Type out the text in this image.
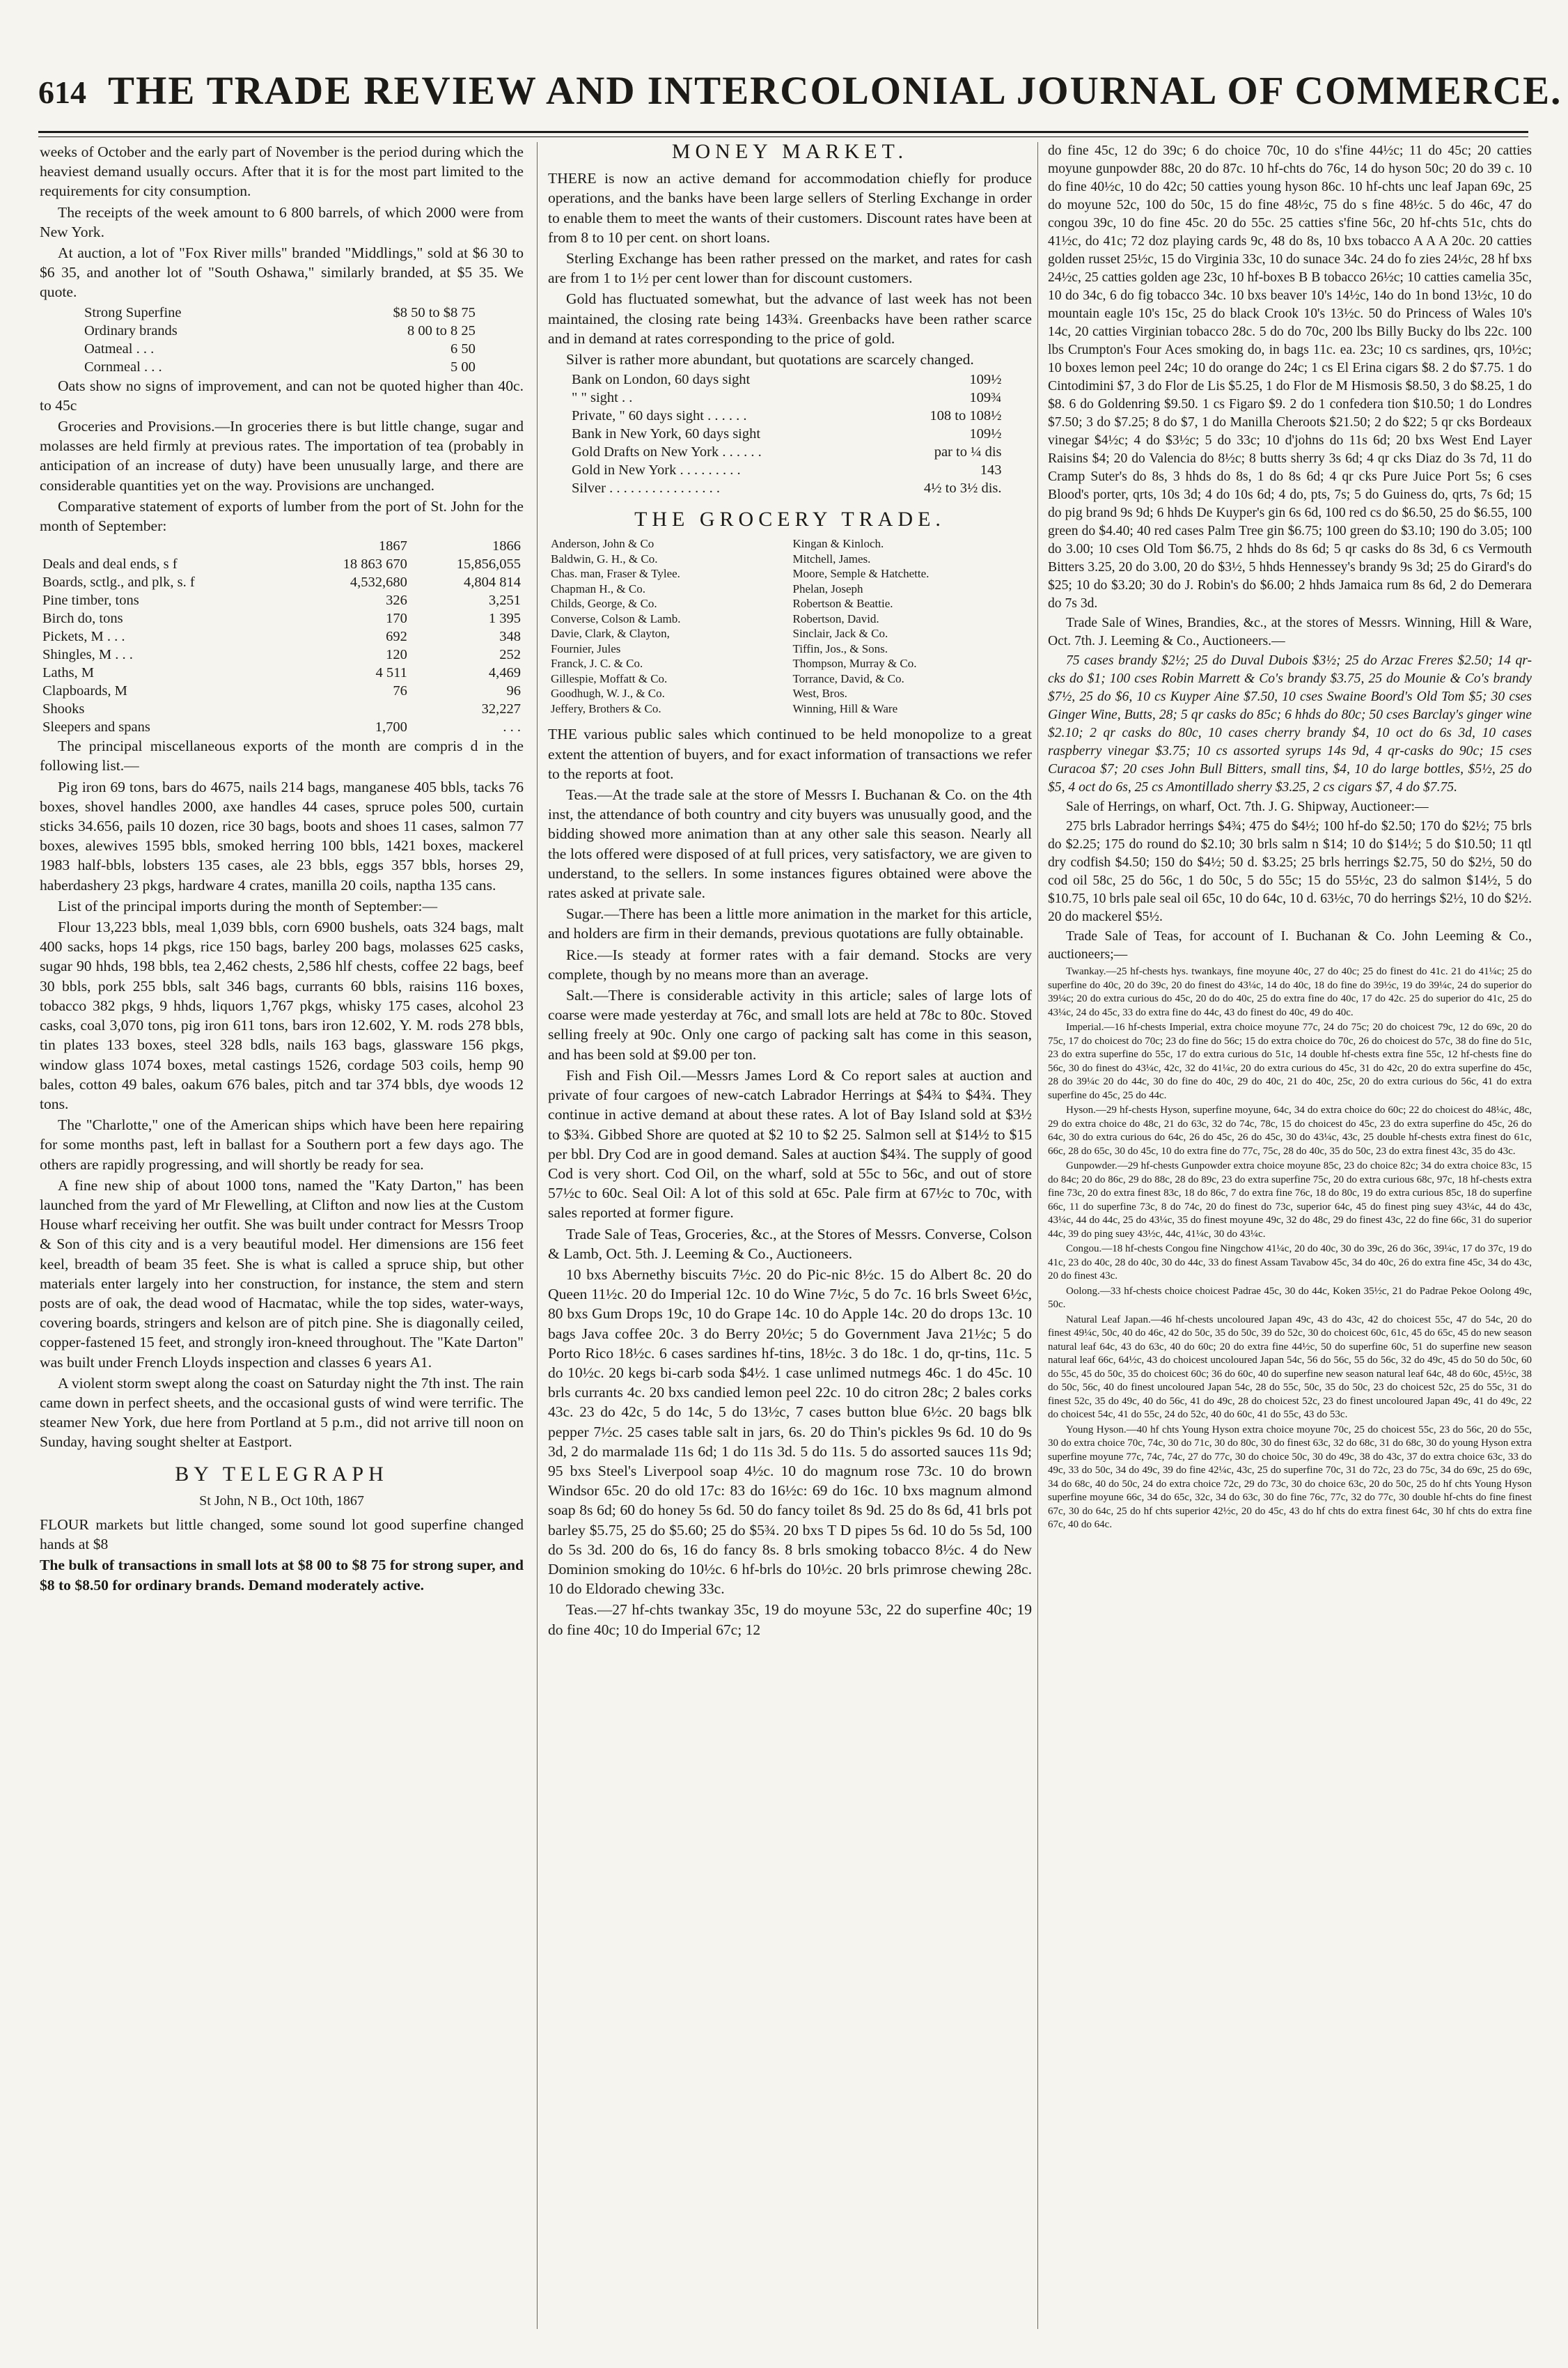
614 THE TRADE REVIEW AND INTERCOLONIAL JOURNAL OF COMMERCE.

weeks of October and the early part of November is the period during which the heaviest demand usually occurs. After that it is for the most part limited to the requirements for city consumption.

The receipts of the week amount to 6 800 barrels, of which 2000 were from New York.

At auction, a lot of "Fox River mills" branded "Middlings," sold at $6 30 to $6 35, and another lot of "South Oshawa," similarly branded, at $5 35. We quote.

Strong Superfine	$8 50 to $8 75
Ordinary brands	8 00 to 8 25
Oatmeal . . .	6 50
Cornmeal . . .	5 00

Oats show no signs of improvement, and can not be quoted higher than 40c. to 45c

Groceries and Provisions.—In groceries there is but little change, sugar and molasses are held firmly at previous rates. The importation of tea (probably in anticipation of an increase of duty) have been unusually large, and there are considerable quantities yet on the way. Provisions are unchanged.

Comparative statement of exports of lumber from the port of St. John for the month of September:

	1867	1866
Deals and deal ends, s f	18 863 670	15,856,055
Boards, sctlg., and plk, s. f	4,532,680	4,804 814
Pine timber, tons	326	3,251
Birch do, tons	170	1 395
Pickets, M . . .	692	348
Shingles, M . . .	120	252
Laths, M	4 511	4,469
Clapboards, M	76	96
Shooks		32,227
Sleepers and spans	1,700	. . .

The principal miscellaneous exports of the month are compris d in the following list.—

Pig iron 69 tons, bars do 4675, nails 214 bags, manganese 405 bbls, tacks 76 boxes, shovel handles 2000, axe handles 44 cases, spruce poles 500, curtain sticks 34.656, pails 10 dozen, rice 30 bags, boots and shoes 11 cases, salmon 77 boxes, alewives 1595 bbls, smoked herring 100 bbls, 1421 boxes, mackerel 1983 half-bbls, lobsters 135 cases, ale 23 bbls, eggs 357 bbls, horses 29, haberdashery 23 pkgs, hardware 4 crates, manilla 20 coils, naptha 135 cans.

List of the principal imports during the month of September:—

Flour 13,223 bbls, meal 1,039 bbls, corn 6900 bushels, oats 324 bags, malt 400 sacks, hops 14 pkgs, rice 150 bags, barley 200 bags, molasses 625 casks, sugar 90 hhds, 198 bbls, tea 2,462 chests, 2,586 hlf chests, coffee 22 bags, beef 30 bbls, pork 255 bbls, salt 346 bags, currants 60 bbls, raisins 116 boxes, tobacco 382 pkgs, 9 hhds, liquors 1,767 pkgs, whisky 175 cases, alcohol 23 casks, coal 3,070 tons, pig iron 611 tons, bars iron 12.602, Y. M. rods 278 bbls, tin plates 133 boxes, steel 328 bdls, nails 163 bags, glassware 156 pkgs, window glass 1074 boxes, metal castings 1526, cordage 503 coils, hemp 90 bales, cotton 49 bales, oakum 676 bales, pitch and tar 374 bbls, dye woods 12 tons.

The "Charlotte," one of the American ships which have been here repairing for some months past, left in ballast for a Southern port a few days ago. The others are rapidly progressing, and will shortly be ready for sea.

A fine new ship of about 1000 tons, named the "Katy Darton," has been launched from the yard of Mr Flewelling, at Clifton and now lies at the Custom House wharf receiving her outfit. She was built under contract for Messrs Troop & Son of this city and is a very beautiful model. Her dimensions are 156 feet keel, breadth of beam 35 feet. She is what is called a spruce ship, but other materials enter largely into her construction, for instance, the stem and stern posts are of oak, the dead wood of Hacmatac, while the top sides, water-ways, covering boards, stringers and kelson are of pitch pine. She is diagonally ceiled, copper-fastened 15 feet, and strongly iron-kneed throughout. The "Kate Darton" was built under French Lloyds inspection and classes 6 years A1.

A violent storm swept along the coast on Saturday night the 7th inst. The rain came down in perfect sheets, and the occasional gusts of wind were terrific. The steamer New York, due here from Portland at 5 p.m., did not arrive till noon on Sunday, having sought shelter at Eastport.

BY TELEGRAPH
St John, N B., Oct 10th, 1867

FLOUR markets but little changed, some sound lot good superfine changed hands at $8

The bulk of transactions in small lots at $8 00 to $8 75 for strong super, and $8 to $8.50 for ordinary brands. Demand moderately active.

MONEY MARKET.

THERE is now an active demand for accommodation chiefly for produce operations, and the banks have been large sellers of Sterling Exchange in order to enable them to meet the wants of their customers. Discount rates have been at from 8 to 10 per cent. on short loans.

Sterling Exchange has been rather pressed on the market, and rates for cash are from 1 to 1½ per cent lower than for discount customers.

Gold has fluctuated somewhat, but the advance of last week has not been maintained, the closing rate being 143¾. Greenbacks have been rather scarce and in demand at rates corresponding to the price of gold.

Silver is rather more abundant, but quotations are scarcely changed.

Bank on London, 60 days sight	109½
" " sight . .	109¾
Private, " 60 days sight . . . . . .	108 to 108½
Bank in New York, 60 days sight	109½
Gold Drafts on New York . . . . . .	par to ¼ dis
Gold in New York . . . . . . . . .	143
Silver . . . . . . . . . . . . . . . .	4½ to 3½ dis.
THE GROCERY TRADE.
Anderson, John & Co	Kingan & Kinloch.
Baldwin, G. H., & Co.	Mitchell, James.
Chas. man, Fraser & Tylee.	Moore, Semple & Hatchette.
Chapman H., & Co.	Phelan, Joseph
Childs, George, & Co.	Robertson & Beattie.
Converse, Colson & Lamb.	Robertson, David.
Davie, Clark, & Clayton,	Sinclair, Jack & Co.
Fournier, Jules	Tiffin, Jos., & Sons.
Franck, J. C. & Co.	Thompson, Murray & Co.
Gillespie, Moffatt & Co.	Torrance, David, & Co.
Goodhugh, W. J., & Co.	West, Bros.
Jeffery, Brothers & Co.	Winning, Hill & Ware

THE various public sales which continued to be held monopolize to a great extent the attention of buyers, and for exact information of transactions we refer to the reports at foot.

Teas.—At the trade sale at the store of Messrs I. Buchanan & Co. on the 4th inst, the attendance of both country and city buyers was unusually good, and the bidding showed more animation than at any other sale this season. Nearly all the lots offered were disposed of at full prices, very satisfactory, we are given to understand, to the sellers. In some instances figures obtained were above the rates asked at private sale.

Sugar.—There has been a little more animation in the market for this article, and holders are firm in their demands, previous quotations are fully obtainable.

Rice.—Is steady at former rates with a fair demand. Stocks are very complete, though by no means more than an average.

Salt.—There is considerable activity in this article; sales of large lots of coarse were made yesterday at 76c, and small lots are held at 78c to 80c. Stoved selling freely at 90c. Only one cargo of packing salt has come in this season, and has been sold at $9.00 per ton.

Fish and Fish Oil.—Messrs James Lord & Co report sales at auction and private of four cargoes of new-catch Labrador Herrings at $4¾ to $4¾. They continue in active demand at about these rates. A lot of Bay Island sold at $3½ to $3¾. Gibbed Shore are quoted at $2 10 to $2 25. Salmon sell at $14½ to $15 per bbl. Dry Cod are in good demand. Sales at auction $4¾. The supply of good Cod is very short. Cod Oil, on the wharf, sold at 55c to 56c, and out of store 57½c to 60c. Seal Oil: A lot of this sold at 65c. Pale firm at 67½c to 70c, with sales reported at former figure.

Trade Sale of Teas, Groceries, &c., at the Stores of Messrs. Converse, Colson & Lamb, Oct. 5th. J. Leeming & Co., Auctioneers.

10 bxs Abernethy biscuits 7½c. 20 do Pic-nic 8½c. 15 do Albert 8c. 20 do Queen 11½c. 20 do Imperial 12c. 10 do Wine 7½c, 5 do 7c. 16 brls Sweet 6½c, 80 bxs Gum Drops 19c, 10 do Grape 14c. 10 do Apple 14c. 20 do drops 13c. 10 bags Java coffee 20c. 3 do Berry 20½c; 5 do Government Java 21½c; 5 do Porto Rico 18½c. 6 cases sardines hf-tins, 18½c. 3 do 18c. 1 do, qr-tins, 11c. 5 do 10½c. 20 kegs bi-carb soda $4½. 1 case unlimed nutmegs 46c. 1 do 45c. 10 brls currants 4c. 20 bxs candied lemon peel 22c. 10 do citron 28c; 2 bales corks 43c. 23 do 42c, 5 do 14c, 5 do 13½c, 7 cases button blue 6½c. 20 bags blk pepper 7½c. 25 cases table salt in jars, 6s. 20 do Thin's pickles 9s 6d. 10 do 9s 3d, 2 do marmalade 11s 6d; 1 do 11s 3d. 5 do 11s. 5 do assorted sauces 11s 9d; 95 bxs Steel's Liverpool soap 4½c. 10 do magnum rose 73c. 10 do brown Windsor 65c. 20 do old 17c: 83 do 16½c: 69 do 16c. 10 bxs magnum almond soap 8s 6d; 60 do honey 5s 6d. 50 do fancy toilet 8s 9d. 25 do 8s 6d, 41 brls pot barley $5.75, 25 do $5.60; 25 do $5¾. 20 bxs T D pipes 5s 6d. 10 do 5s 5d, 100 do 5s 3d. 200 do 6s, 16 do fancy 8s. 8 brls smoking tobacco 8½c. 4 do New Dominion smoking do 10½c. 6 hf-brls do 10½c. 20 brls primrose chewing 28c. 10 do Eldorado chewing 33c.

Teas.—27 hf-chts twankay 35c, 19 do moyune 53c, 22 do superfine 40c; 19 do fine 40c; 10 do Imperial 67c; 12

do fine 45c, 12 do 39c; 6 do choice 70c, 10 do s'fine 44½c; 11 do 45c; 20 catties moyune gunpowder 88c, 20 do 87c. 10 hf-chts do 76c, 14 do hyson 50c; 20 do 39 c. 10 do fine 40½c, 10 do 42c; 50 catties young hyson 86c. 10 hf-chts unc leaf Japan 69c, 25 do moyune 52c, 100 do 50c, 15 do fine 48½c, 75 do s fine 48½c. 5 do 46c, 47 do congou 39c, 10 do fine 45c. 20 do 55c. 25 catties s'fine 56c, 20 hf-chts 51c, chts do 41½c, do 41c; 72 doz playing cards 9c, 48 do 8s, 10 bxs tobacco A A A 20c. 20 catties golden russet 25½c, 15 do Virginia 33c, 10 do sunace 34c. 24 do fo zies 24½c, 28 hf bxs 24½c, 25 catties golden age 23c, 10 hf-boxes B B tobacco 26½c; 10 catties camelia 35c, 10 do 34c, 6 do fig tobacco 34c. 10 bxs beaver 10's 14½c, 14o do 1n bond 13½c, 10 do mountain eagle 10's 15c, 25 do black Crook 10's 13½c. 50 do Princess of Wales 10's 14c, 20 catties Virginian tobacco 28c. 5 do do 70c, 200 lbs Billy Bucky do lbs 22c. 100 lbs Crumpton's Four Aces smoking do, in bags 11c. ea. 23c; 10 cs sardines, qrs, 10½c; 10 boxes lemon peel 24c; 10 do orange do 24c; 1 cs El Erina cigars $8. 2 do $7.75. 1 do Cintodimini $7, 3 do Flor de Lis $5.25, 1 do Flor de M Hismosis $8.50, 3 do $8.25, 1 do $8. 6 do Goldenring $9.50. 1 cs Figaro $9. 2 do 1 confedera tion $10.50; 1 do Londres $7.50; 3 do $7.25; 8 do $7, 1 do Manilla Cheroots $21.50; 2 do $22; 5 qr cks Bordeaux vinegar $4½c; 4 do $3½c; 5 do 33c; 10 d'johns do 11s 6d; 20 bxs West End Layer Raisins $4; 20 do Valencia do 8½c; 8 butts sherry 3s 6d; 4 qr cks Diaz do 3s 7d, 11 do Cramp Suter's do 8s, 3 hhds do 8s, 1 do 8s 6d; 4 qr cks Pure Juice Port 5s; 6 cses Blood's porter, qrts, 10s 3d; 4 do 10s 6d; 4 do, pts, 7s; 5 do Guiness do, qrts, 7s 6d; 15 do pig brand 9s 9d; 6 hhds De Kuyper's gin 6s 6d, 100 red cs do $6.50, 25 do $6.55, 100 green do $4.40; 40 red cases Palm Tree gin $6.75; 100 green do $3.10; 190 do 3.05; 100 do 3.00; 10 cses Old Tom $6.75, 2 hhds do 8s 6d; 5 qr casks do 8s 3d, 6 cs Vermouth Bitters 3.25, 20 do 3.00, 20 do $3½, 5 hhds Hennessey's brandy 9s 3d; 25 do Girard's do $25; 10 do $3.20; 30 do J. Robin's do $6.00; 2 hhds Jamaica rum 8s 6d, 2 do Demerara do 7s 3d.

Trade Sale of Wines, Brandies, &c., at the stores of Messrs. Winning, Hill & Ware, Oct. 7th. J. Leeming & Co., Auctioneers.—

75 cases brandy $2½; 25 do Duval Dubois $3½; 25 do Arzac Freres $2.50; 14 qr-cks do $1; 100 cses Robin Marrett & Co's brandy $3.75, 25 do Mounie & Co's brandy $7½, 25 do $6, 10 cs Kuyper Aine $7.50, 10 cses Swaine Boord's Old Tom $5; 30 cses Ginger Wine, Butts, 28; 5 qr casks do 85c; 6 hhds do 80c; 50 cses Barclay's ginger wine $2.10; 2 qr casks do 80c, 10 cases cherry brandy $4, 10 oct do 6s 3d, 10 cases raspberry vinegar $3.75; 10 cs assorted syrups 14s 9d, 4 qr-casks do 90c; 15 cses Curacoa $7; 20 cses John Bull Bitters, small tins, $4, 10 do large bottles, $5½, 25 do $5, 4 oct do 6s, 25 cs Amontillado sherry $3.25, 2 cs cigars $7, 4 do $7.75.

Sale of Herrings, on wharf, Oct. 7th. J. G. Shipway, Auctioneer:—

275 brls Labrador herrings $4¾; 475 do $4½; 100 hf-do $2.50; 170 do $2½; 75 brls do $2.25; 175 do round do $2.10; 30 brls salm n $14; 10 do $14½; 5 do $10.50; 11 qtl dry codfish $4.50; 150 do $4½; 50 d. $3.25; 25 brls herrings $2.75, 50 do $2½, 50 do cod oil 58c, 25 do 56c, 1 do 50c, 5 do 55c; 15 do 55½c, 23 do salmon $14½, 5 do $10.75, 10 brls pale seal oil 65c, 10 do 64c, 10 d. 63½c, 70 do herrings $2½, 10 do $2½. 20 do mackerel $5½.

Trade Sale of Teas, for account of I. Buchanan & Co. John Leeming & Co., auctioneers;—

Twankay.—25 hf-chests hys. twankays, fine moyune 40c, 27 do 40c; 25 do finest do 41c. 21 do 41¼c; 25 do superfine do 40c, 20 do 39c, 20 do finest do 43¼c, 14 do 40c, 18 do fine do 39½c, 19 do 39¼c, 24 do superior do 39¼c; 20 do extra curious do 45c, 20 do do 40c, 25 do extra fine do 40c, 17 do 42c. 25 do superior do 41c, 25 do 43¼c, 24 do 45c, 33 do extra fine do 44c, 43 do finest do 40c, 49 do 40c.

Imperial.—16 hf-chests Imperial, extra choice moyune 77c, 24 do 75c; 20 do choicest 79c, 12 do 69c, 20 do 75c, 17 do choicest do 70c; 23 do fine do 56c; 15 do extra choice do 70c, 26 do choicest do 57c, 38 do fine do 51c, 23 do extra superfine do 55c, 17 do extra curious do 51c, 14 double hf-chests extra fine 55c, 12 hf-chests fine do 56c, 30 do finest do 43¼c, 42c, 32 do 41¼c, 20 do extra curious do 45c, 31 do 42c, 20 do extra superfine do 45c, 28 do 39¼c 20 do 44c, 30 do fine do 40c, 29 do 40c, 21 do 40c, 25c, 20 do extra curious do 56c, 41 do extra superfine do 45c, 25 do 44c.

Hyson.—29 hf-chests Hyson, superfine moyune, 64c, 34 do extra choice do 60c; 22 do choicest do 48¼c, 48c, 29 do extra choice do 48c, 21 do 63c, 32 do 74c, 78c, 15 do choicest do 45c, 23 do extra superfine do 45c, 26 do 64c, 30 do extra curious do 64c, 26 do 45c, 26 do 45c, 30 do 43¼c, 43c, 25 double hf-chests extra finest do 61c, 66c, 28 do 65c, 30 do 45c, 10 do extra fine do 77c, 75c, 28 do 40c, 35 do 50c, 23 do extra finest 43c, 35 do 43c.

Gunpowder.—29 hf-chests Gunpowder extra choice moyune 85c, 23 do choice 82c; 34 do extra choice 83c, 15 do 84c; 20 do 86c, 29 do 88c, 28 do 89c, 23 do extra superfine 75c, 20 do extra curious 68c, 97c, 18 hf-chests extra fine 73c, 20 do extra finest 83c, 18 do 86c, 7 do extra fine 76c, 18 do 80c, 19 do extra curious 85c, 18 do superfine 66c, 11 do superfine 73c, 8 do 74c, 20 do finest do 73c, superior 64c, 45 do finest ping suey 43¼c, 44 do 43c, 43¼c, 44 do 44c, 25 do 43¼c, 35 do finest moyune 49c, 32 do 48c, 29 do finest 43c, 22 do fine 66c, 31 do superior 44c, 39 do ping suey 43½c, 44c, 41¼c, 30 do 43¼c.

Congou.—18 hf-chests Congou fine Ningchow 41¼c, 20 do 40c, 30 do 39c, 26 do 36c, 39¼c, 17 do 37c, 19 do 41c, 23 do 40c, 28 do 40c, 30 do 44c, 33 do finest Assam Tavabow 45c, 34 do 40c, 26 do extra fine 45c, 34 do 43c, 20 do finest 43c.

Oolong.—33 hf-chests choice choicest Padrae 45c, 30 do 44c, Koken 35½c, 21 do Padrae Pekoe Oolong 49c, 50c.

Natural Leaf Japan.—46 hf-chests uncoloured Japan 49c, 43 do 43c, 42 do choicest 55c, 47 do 54c, 20 do finest 49¼c, 50c, 40 do 46c, 42 do 50c, 35 do 50c, 39 do 52c, 30 do choicest 60c, 61c, 45 do 65c, 45 do new season natural leaf 64c, 43 do 63c, 40 do 60c; 20 do extra fine 44½c, 50 do superfine 60c, 51 do superfine new season natural leaf 66c, 64½c, 43 do choicest uncoloured Japan 54c, 56 do 56c, 55 do 56c, 32 do 49c, 45 do 50 do 50c, 60 do 55c, 45 do 50c, 35 do choicest 60c; 36 do 60c, 40 do superfine new season natural leaf 64c, 48 do 60c, 45½c, 38 do 50c, 56c, 40 do finest uncoloured Japan 54c, 28 do 55c, 50c, 35 do 50c, 23 do choicest 52c, 25 do 55c, 31 do finest 52c, 35 do 49c, 40 do 56c, 41 do 49c, 28 do choicest 52c, 23 do finest uncoloured Japan 49c, 41 do 49c, 22 do choicest 54c, 41 do 55c, 24 do 52c, 40 do 60c, 41 do 55c, 43 do 53c.

Young Hyson.—40 hf chts Young Hyson extra choice moyune 70c, 25 do choicest 55c, 23 do 56c, 20 do 55c, 30 do extra choice 70c, 74c, 30 do 71c, 30 do 80c, 30 do finest 63c, 32 do 68c, 31 do 68c, 30 do young Hyson extra superfine moyune 77c, 74c, 74c, 27 do 77c, 30 do choice 50c, 30 do 49c, 38 do 43c, 37 do extra choice 63c, 33 do 49c, 33 do 50c, 34 do 49c, 39 do fine 42¼c, 43c, 25 do superfine 70c, 31 do 72c, 23 do 75c, 34 do 69c, 25 do 69c, 34 do 68c, 40 do 50c, 24 do extra choice 72c, 29 do 73c, 30 do choice 63c, 20 do 50c, 25 do hf chts Young Hyson superfine moyune 66c, 34 do 65c, 32c, 34 do 63c, 30 do fine 76c, 77c, 32 do 77c, 30 double hf-chts do fine finest 67c, 30 do 64c, 25 do hf chts superior 42½c, 20 do 45c, 43 do hf chts do extra finest 64c, 30 hf chts do extra fine 67c, 40 do 64c.
